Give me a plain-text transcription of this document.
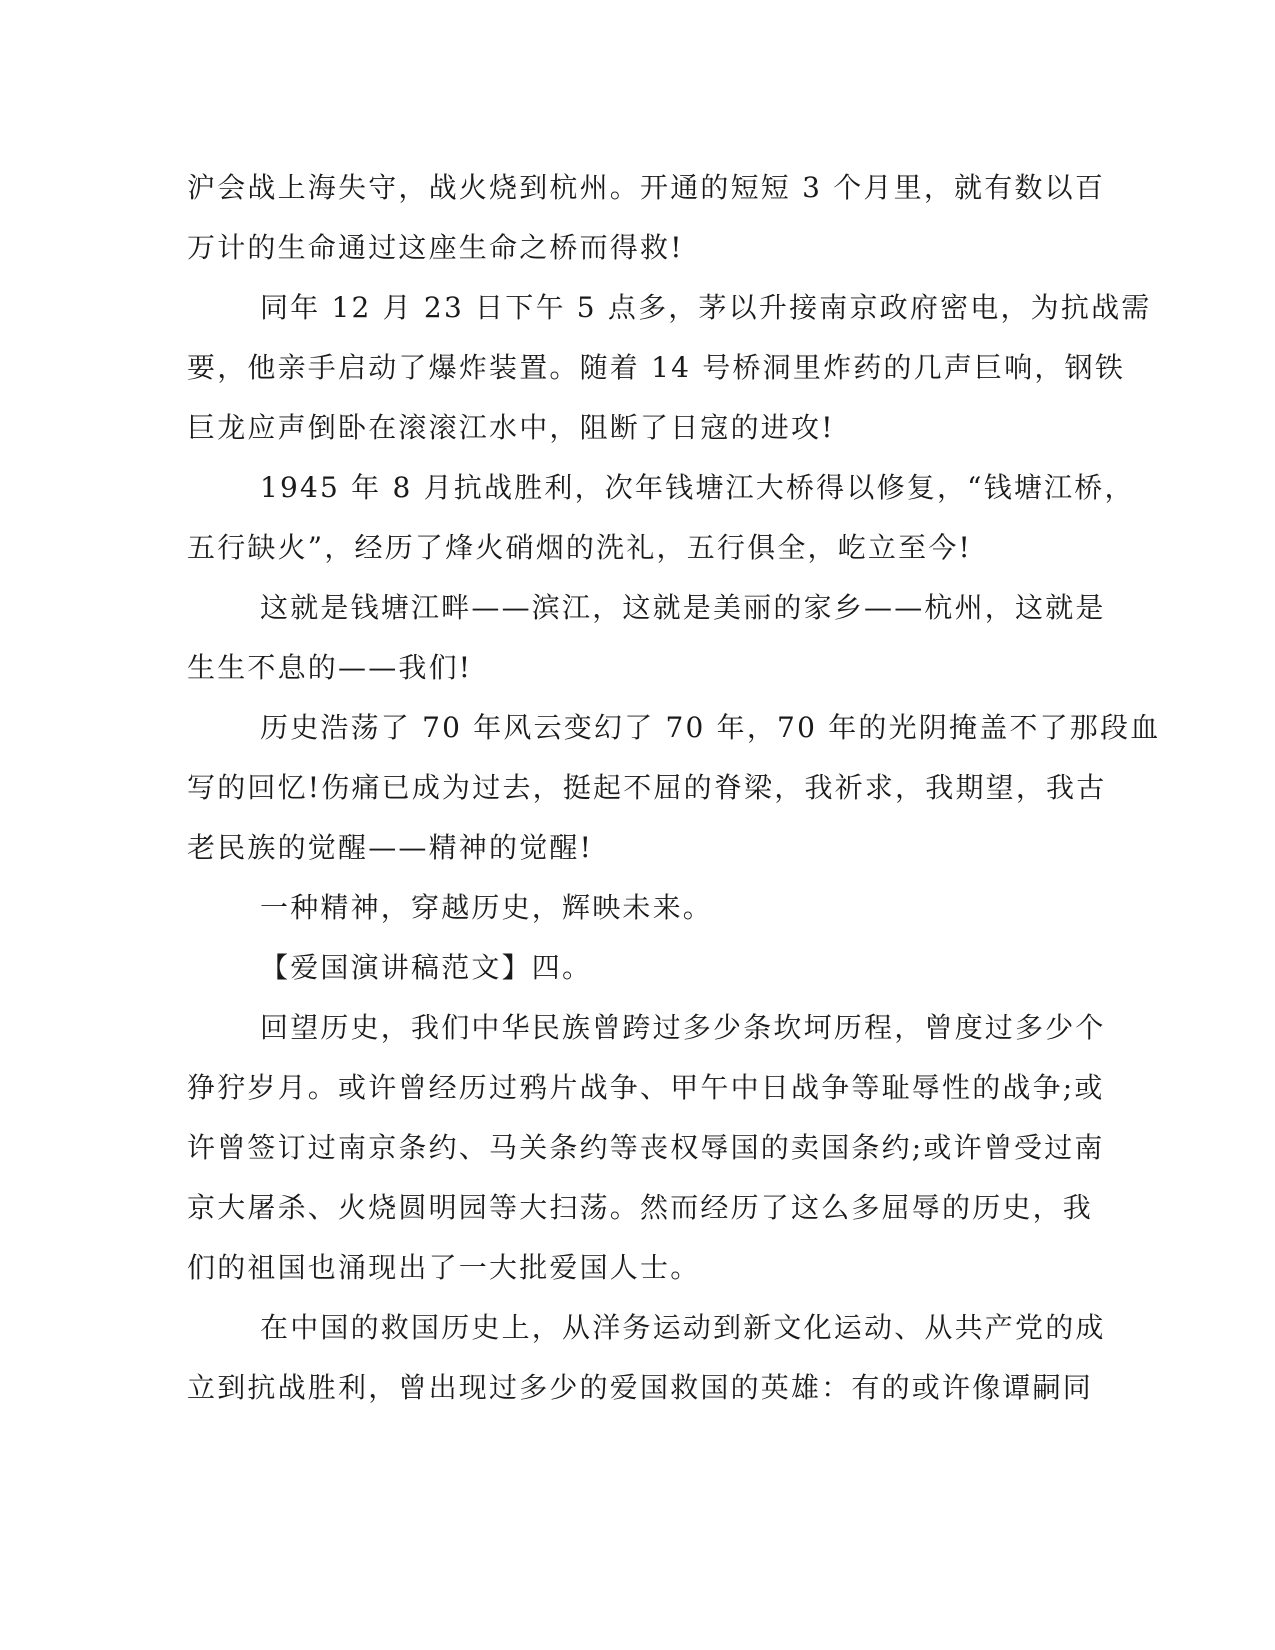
沪会战上海失守，战火烧到杭州。开通的短短 3 个月里，就有数以百
万计的生命通过这座生命之桥而得救!
同年 12 月 23 日下午 5 点多，茅以升接南京政府密电，为抗战需
要，他亲手启动了爆炸装置。随着 14 号桥洞里炸药的几声巨响，钢铁
巨龙应声倒卧在滚滚江水中，阻断了日寇的进攻!
1945 年 8 月抗战胜利，次年钱塘江大桥得以修复，“钱塘江桥，
五行缺火”，经历了烽火硝烟的洗礼，五行俱全，屹立至今!
这就是钱塘江畔——滨江，这就是美丽的家乡——杭州，这就是
生生不息的——我们!
历史浩荡了 70 年风云变幻了 70 年，70 年的光阴掩盖不了那段血
写的回忆!伤痛已成为过去，挺起不屈的脊梁，我祈求，我期望，我古
老民族的觉醒——精神的觉醒!
一种精神，穿越历史，辉映未来。
【爱国演讲稿范文】四。
回望历史，我们中华民族曾跨过多少条坎坷历程，曾度过多少个
狰狞岁月。或许曾经历过鸦片战争、甲午中日战争等耻辱性的战争;或
许曾签订过南京条约、马关条约等丧权辱国的卖国条约;或许曾受过南
京大屠杀、火烧圆明园等大扫荡。然而经历了这么多屈辱的历史，我
们的祖国也涌现出了一大批爱国人士。
在中国的救国历史上，从洋务运动到新文化运动、从共产党的成
立到抗战胜利，曾出现过多少的爱国救国的英雄：有的或许像谭嗣同
